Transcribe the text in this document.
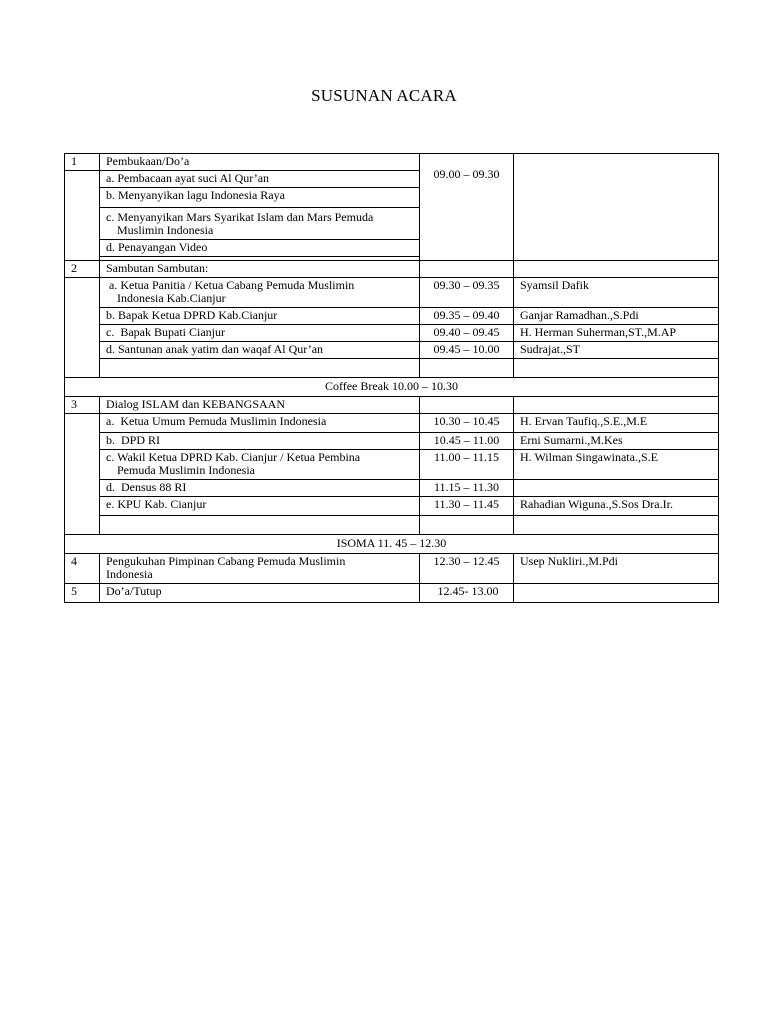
SUSUNAN ACARA
1	Pembukaan/Do’a	09.00 – 09.30	
	a. Pembacaan ayat suci Al Qur’an		
	b. Menyanyikan lagu Indonesia Raya		
	c. Menyanyikan Mars Syarikat Islam dan Mars Pemuda
Muslimin Indonesia		

	d. Penayangan Video		

2	Sambutan Sambutan:		
	a. Ketua Panitia / Ketua Cabang Pemuda Muslimin
Indonesia Kab.Cianjur	09.30 – 09.35	Syamsil Dafik
	b. Bapak Ketua DPRD Kab.Cianjur	09.35 – 09.40	Ganjar Ramadhan.,S.Pdi
	c.  Bapak Bupati Cianjur	09.40 – 09.45	H. Herman Suherman,ST.,M.AP
	d. Santunan anak yatim dan waqaf Al Qur’an	09.45 – 10.00	Sudrajat.,ST

Coffee Break 10.00 – 10.30			
3	Dialog ISLAM dan KEBANGSAAN		
	a.  Ketua Umum Pemuda Muslimin Indonesia	10.30 – 10.45	H. Ervan Taufiq.,S.E.,M.E
	b.  DPD RI	10.45 – 11.00	Erni Sumarni.,M.Kes
	c. Wakil Ketua DPRD Kab. Cianjur / Ketua Pembina
Pemuda Muslimin Indonesia	11.00 – 11.15	H. Wilman Singawinata.,S.E
	d.  Densus 88 RI	11.15 – 11.30	
	e. KPU Kab. Cianjur	11.30 – 11.45	Rahadian Wiguna.,S.Sos Dra.Ir.

ISOMA 11. 45 – 12.30			
4	Pengukuhan Pimpinan Cabang Pemuda Muslimin
Indonesia	12.30 – 12.45	Usep Nukliri.,M.Pdi
5	Do’a/Tutup	12.45- 13.00	
